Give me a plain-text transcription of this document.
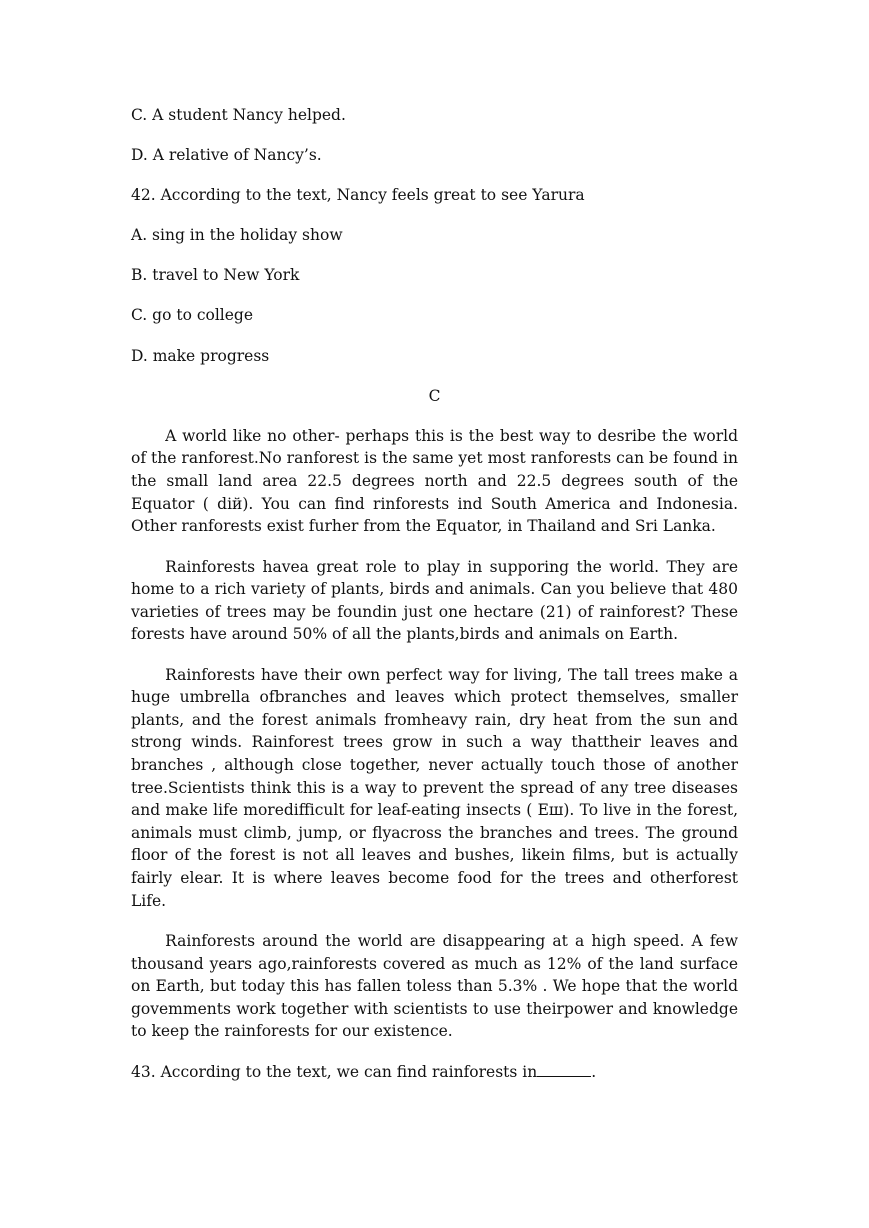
C. A student Nancy helped.

D. A relative of Nancy’s.

42. According to the text, Nancy feels great to see Yarura

A. sing in the holiday show

B. travel to New York

C. go to college

D. make progress

C

A world like no other- perhaps this is the best way to desribe the world of the ranforest.No ranforest is the same yet most ranforests can be found in the small land area 22.5 degrees north and 22.5 degrees south of the Equator ( diй). You can find rinforests ind South America and Indonesia. Other ranforests exist furher from the Equator, in Thailand and Sri Lanka.

Rainforests havea great role to play in supporing the world. They are home to a rich variety of plants, birds and animals. Can you believe that 480 varieties of trees may be foundin just one hectare (21) of rainforest? These forests have around 50% of all the plants,birds and animals on Earth.

Rainforests have their own perfect way for living, The tall trees make a huge umbrella ofbranches and leaves which protect themselves, smaller plants, and the forest animals fromheavy rain, dry heat from the sun and strong winds. Rainforest trees grow in such a way thattheir leaves and branches , although close together, never actually touch those of another tree.Scientists think this is a way to prevent the spread of any tree diseases and make life moredifficult for leaf-eating insects ( Eш). To live in the forest, animals must climb, jump, or flyacross the branches and trees. The ground floor of the forest is not all leaves and bushes, likein films, but is actually fairly elear. It is where leaves become food for the trees and otherforest Life.

Rainforests around the world are disappearing at a high speed. A few thousand years ago,rainforests covered as much as 12% of the land surface on Earth, but today this has fallen toless than 5.3% . We hope that the world govemments work together with scientists to use theirpower and knowledge to keep the rainforests for our existence.

43. According to the text, we can find rainforests in	.
